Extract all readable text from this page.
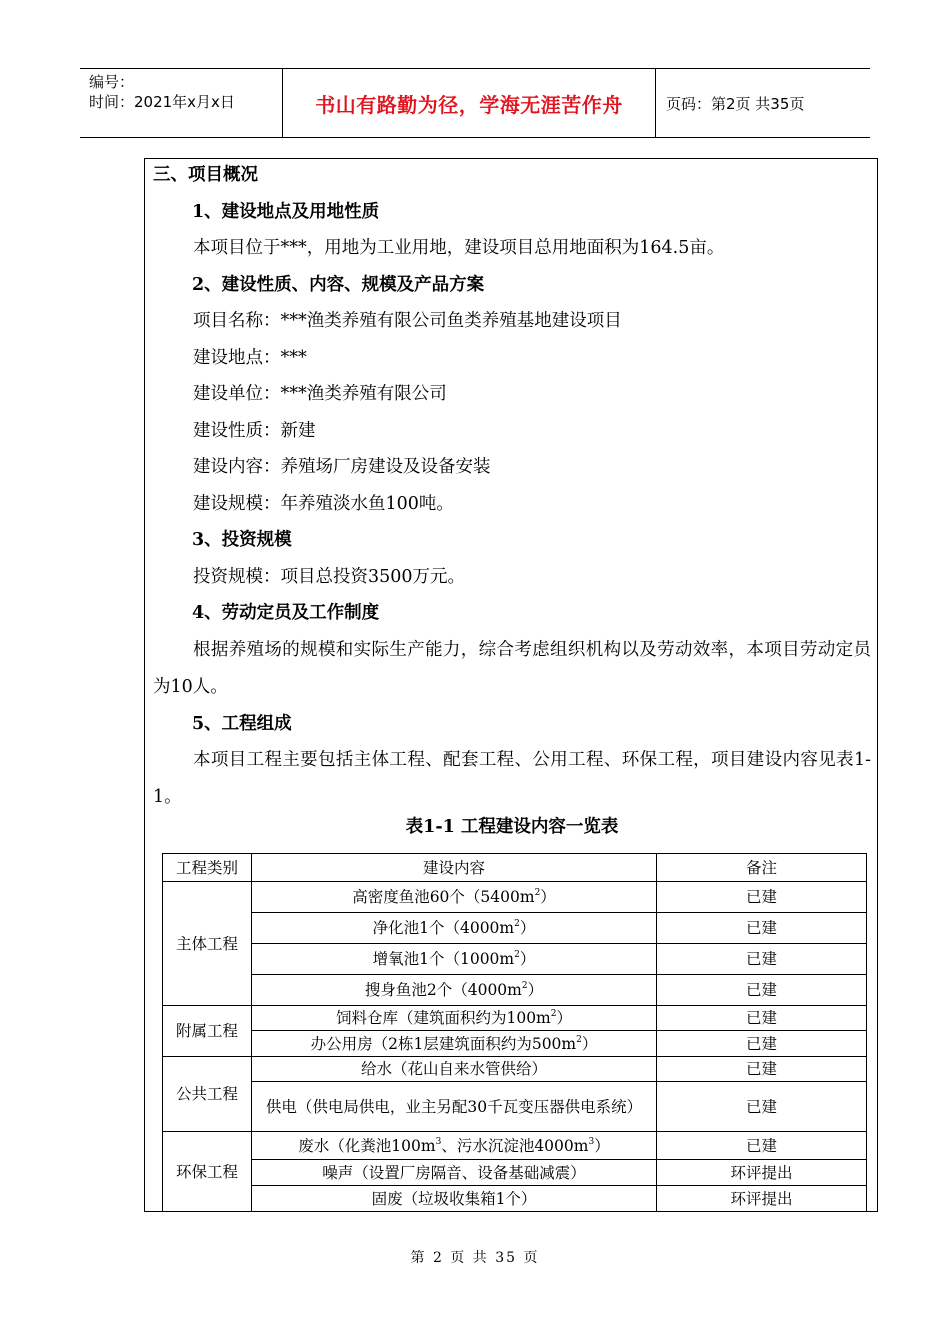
编号：
时间：2021年x月x日	书山有路勤为径，学海无涯苦作舟	页码：第2页 共35页
三、项目概况
1、建设地点及用地性质
本项目位于***，用地为工业用地，建设项目总用地面积为164.5亩。
2、建设性质、内容、规模及产品方案
项目名称：***渔类养殖有限公司鱼类养殖基地建设项目
建设地点：***
建设单位：***渔类养殖有限公司
建设性质：新建
建设内容：养殖场厂房建设及设备安装
建设规模：年养殖淡水鱼100吨。
3、投资规模
投资规模：项目总投资3500万元。
4、劳动定员及工作制度

根据养殖场的规模和实际生产能力，综合考虑组织机构以及劳动效率，本项目劳动定员为10人。

5、工程组成

本项目工程主要包括主体工程、配套工程、公用工程、环保工程，项目建设内容见表1-1。

表1-1 工程建设内容一览表
工程类别	建设内容	备注
主体工程	高密度鱼池60个$(5400m^2)$	已建
	净化池1个$(4000m^2)$	已建
	增氧池1个$(1000m^2)$	已建
	搜身鱼池2个$(4000m^2)$	已建
附属工程	饲料仓库（建筑面积约为$100m^2$）	已建
	办公用房（2栋1层建筑面积约为$500m^2$）	已建
公共工程	给水（花山自来水管供给）	已建
	供电（供电局供电，业主另配30千瓦变压器供电系统）	已建
环保工程	废水（化粪池$100m^3$、污水沉淀池$4000m^3$）	已建
	噪声（设置厂房隔音、设备基础减震）	环评提出
	固废（垃圾收集箱1个）	环评提出
第 2 页 共 35 页
